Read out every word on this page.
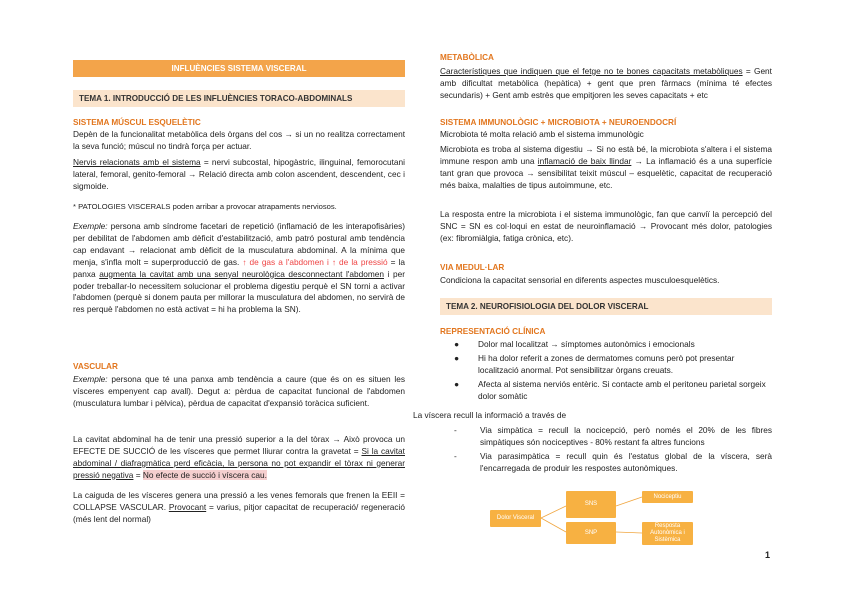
INFLUÈNCIES SISTEMA VISCERAL
TEMA 1. INTRODUCCIÓ DE LES INFLUÈNCIES TORACO-ABDOMINALS
SISTEMA MÚSCUL ESQUELÈTIC

Depèn de la funcionalitat metabòlica dels òrgans del cos → si un no realitza correctament la seva funció; múscul no tindrà força per actuar.

Nervis relacionats amb el sistema = nervi subcostal, hipogàstric, ilinguinal, femorocutani lateral, femoral, genito-femoral → Relació directa amb colon ascendent, descendent, cec i sigmoide.

* PATOLOGIES VISCERALS poden arribar a provocar atrapaments nerviosos.

Exemple: persona amb síndrome facetari de repetició (inflamació de les interapofisàries) per debilitat de l'abdomen amb dèficit d'estabilització, amb patró postural amb tendència cap endavant → relacionat amb dèficit de la musculatura abdominal. A la mínima que menja, s'infla molt = superproducció de gas. ↑ de gas a l'abdomen i ↑ de la pressió = la panxa augmenta la cavitat amb una senyal neurològica desconnectant l'abdomen i per poder treballar-lo necessitem solucionar el problema digestiu perquè el SN torni a activar l'abdomen (perquè si donem pauta per millorar la musculatura del abdomen, no servirà de res perquè l'abdomen no està activat = hi ha problema la SN).

VASCULAR

Exemple: persona que té una panxa amb tendència a caure (que és on es situen les vísceres empenyent cap avall). Degut a: pèrdua de capacitat funcional de l'abdomen (musculatura lumbar i pèlvica), pèrdua de capacitat d'expansió toràcica suficient.

La cavitat abdominal ha de tenir una pressió superior a la del tòrax → Això provoca un EFECTE DE SUCCIÓ de les vísceres que permet lliurar contra la gravetat = Si la cavitat abdominal / diafragmàtica perd eficàcia, la persona no pot expandir el tòrax ni generar pressió negativa = No efecte de succió i víscera cau.

La caiguda de les vísceres genera una pressió a les venes femorals que frenen la EEII = COLLAPSE VASCULAR. Provocant = varius, pitjor capacitat de recuperació/ regeneració (més lent del normal)

METABÒLICA

Característiques que indiquen que el fetge no te bones capacitats metabòliques = Gent amb dificultat metabòlica (hepàtica) + gent que pren fàrmacs (mínima té efectes secundaris) + Gent amb estrès que empitjoren les seves capacitats + etc

SISTEMA IMMUNOLÒGIC + MICROBIOTA + NEUROENDOCRÍ

Microbiota té molta relació amb el sistema immunològic

Microbiota es troba al sistema digestiu → Si no està bé, la microbiota s'altera i el sistema immune respon amb una inflamació de baix llindar → La inflamació és a una superfície tant gran que provoca → sensibilitat teixit múscul – esquelètic, capacitat de recuperació més baixa, malalties de tipus autoimmune, etc.

La resposta entre la microbiota i el sistema immunològic, fan que canviï la percepció del SNC = SN es col·loqui en estat de neuroinflamació → Provocant més dolor, patologies (ex: fibromiàlgia, fatiga crònica, etc).

VIA MEDUL·LAR

Condiciona la capacitat sensorial en diferents aspectes musculoesquelètics.

TEMA 2. NEUROFISIOLOGIA DEL DOLOR VISCERAL
REPRESENTACIÓ CLÍNICA
● Dolor mal localitzat → símptomes autonòmics i emocionals
● Hi ha dolor referit a zones de dermatomes comuns però pot presentar localització anormal. Pot sensibilitzar òrgans creuats.
● Afecta al sistema nerviós entèric. Si contacte amb el peritoneu parietal sorgeix dolor somàtic

La víscera recull la informació a través de

-	Via simpàtica = recull la nocicepció, però només el 20% de les fibres simpàtiques són nociceptives - 80% restant fa altres funcions
-	Via parasimpàtica = recull quin és l'estatus global de la víscera, serà l'encarregada de produir les respostes autonòmiques.
Dolor Visceral
SNS
SNP
Nociceptiu
Resposta Autonòmica i Sistèmica
1
